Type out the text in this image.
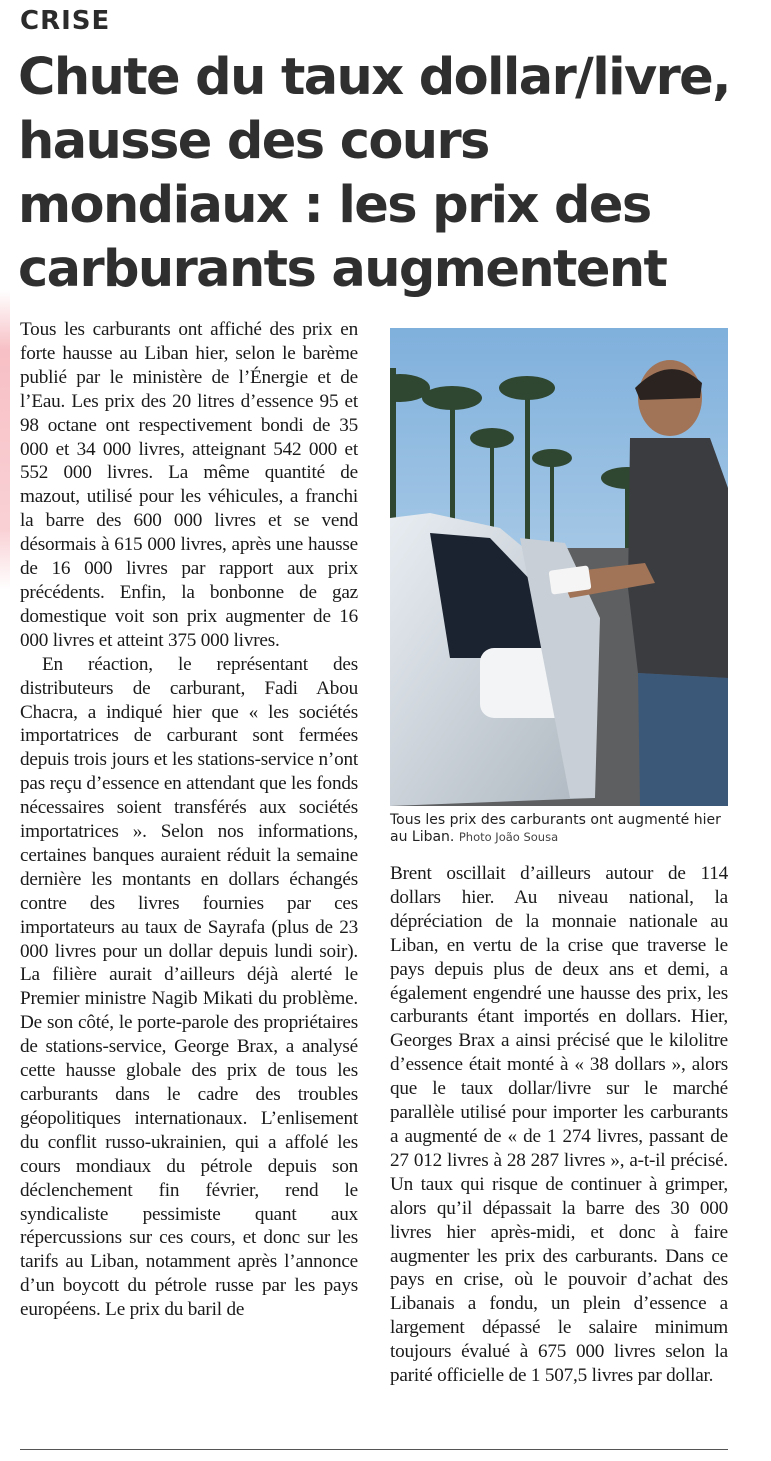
CRISE
Chute du taux dollar/livre, hausse des cours mondiaux : les prix des carburants augmentent

Tous les carburants ont affiché des prix en forte hausse au Liban hier, selon le barème publié par le ministère de l’Énergie et de l’Eau. Les prix des 20 litres d’essence 95 et 98 octane ont respectivement bondi de 35 000 et 34 000 livres, atteignant 542 000 et 552 000 livres. La même quantité de mazout, utilisé pour les véhicules, a franchi la barre des 600 000 livres et se vend désormais à 615 000 livres, après une hausse de 16 000 livres par rapport aux prix précédents. Enfin, la bonbonne de gaz domestique voit son prix augmenter de 16 000 livres et atteint 375 000 livres.

En réaction, le représentant des distributeurs de carburant, Fadi Abou Chacra, a indiqué hier que « les sociétés importatrices de carburant sont fermées depuis trois jours et les stations-service n’ont pas reçu d’essence en attendant que les fonds nécessaires soient transférés aux sociétés importatrices ». Selon nos informations, certaines banques auraient réduit la semaine dernière les montants en dollars échangés contre des livres fournies par ces importateurs au taux de Sayrafa (plus de 23 000 livres pour un dollar depuis lundi soir). La filière aurait d’ailleurs déjà alerté le Premier ministre Nagib Mikati du problème. De son côté, le porte-parole des propriétaires de stations-service, George Brax, a analysé cette hausse globale des prix de tous les carburants dans le cadre des troubles géopolitiques internationaux. L’enlisement du conflit russo-ukrainien, qui a affolé les cours mondiaux du pétrole depuis son déclenchement fin février, rend le syndicaliste pessimiste quant aux répercussions sur ces cours, et donc sur les tarifs au Liban, notamment après l’annonce d’un boycott du pétrole russe par les pays européens. Le prix du baril de

Tous les prix des carburants ont augmenté hier au Liban. Photo João Sousa

Brent oscillait d’ailleurs autour de 114 dollars hier. Au niveau national, la dépréciation de la monnaie nationale au Liban, en vertu de la crise que traverse le pays depuis plus de deux ans et demi, a également engendré une hausse des prix, les carburants étant importés en dollars. Hier, Georges Brax a ainsi précisé que le kilolitre d’essence était monté à « 38 dollars », alors que le taux dollar/livre sur le marché parallèle utilisé pour importer les carburants a augmenté de « de 1 274 livres, passant de 27 012 livres à 28 287 livres », a-t-il précisé. Un taux qui risque de continuer à grimper, alors qu’il dépassait la barre des 30 000 livres hier après-midi, et donc à faire augmenter les prix des carburants. Dans ce pays en crise, où le pouvoir d’achat des Libanais a fondu, un plein d’essence a largement dépassé le salaire minimum toujours évalué à 675 000 livres selon la parité officielle de 1 507,5 livres par dollar.
